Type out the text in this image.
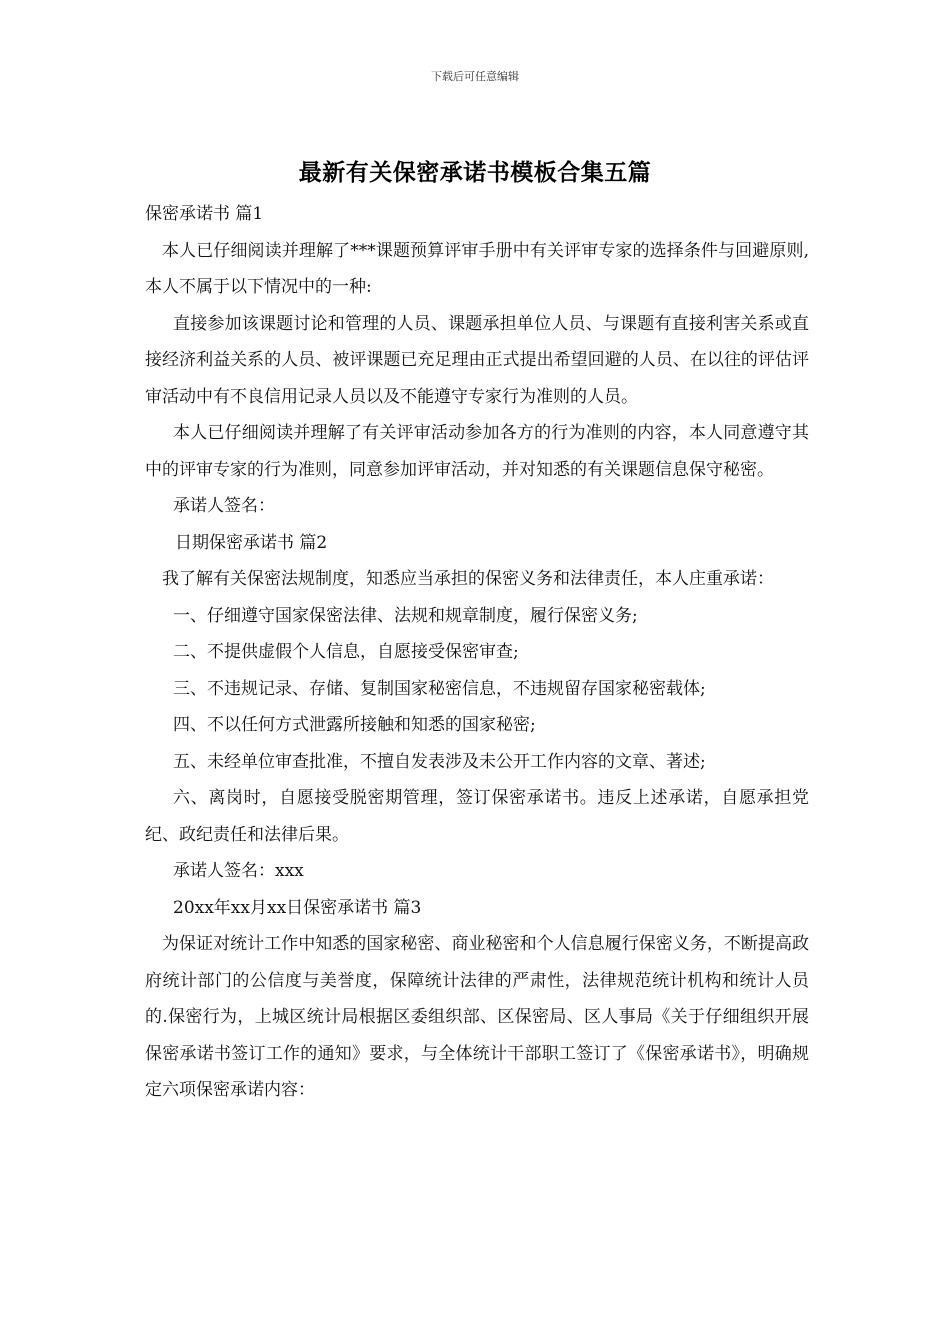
下载后可任意编辑
最新有关保密承诺书模板合集五篇

保密承诺书 篇1

本人已仔细阅读并理解了***课题预算评审手册中有关评审专家的选择条件与回避原则,本人不属于以下情况中的一种:

直接参加该课题讨论和管理的人员、课题承担单位人员、与课题有直接利害关系或直接经济利益关系的人员、被评课题已充足理由正式提出希望回避的人员、在以往的评估评审活动中有不良信用记录人员以及不能遵守专家行为准则的人员。

本人已仔细阅读并理解了有关评审活动参加各方的行为准则的内容，本人同意遵守其中的评审专家的行为准则，同意参加评审活动，并对知悉的有关课题信息保守秘密。

承诺人签名：

日期保密承诺书 篇2

我了解有关保密法规制度，知悉应当承担的保密义务和法律责任，本人庄重承诺：

一、仔细遵守国家保密法律、法规和规章制度，履行保密义务;

二、不提供虚假个人信息，自愿接受保密审查;

三、不违规记录、存储、复制国家秘密信息，不违规留存国家秘密载体;

四、不以任何方式泄露所接触和知悉的国家秘密;

五、未经单位审查批准，不擅自发表涉及未公开工作内容的文章、著述;

六、离岗时，自愿接受脱密期管理，签订保密承诺书。违反上述承诺，自愿承担党纪、政纪责任和法律后果。

承诺人签名：xxx

20xx年xx月xx日保密承诺书 篇3

为保证对统计工作中知悉的国家秘密、商业秘密和个人信息履行保密义务，不断提高政府统计部门的公信度与美誉度，保障统计法律的严肃性，法律规范统计机构和统计人员的.保密行为，上城区统计局根据区委组织部、区保密局、区人事局《关于仔细组织开展保密承诺书签订工作的通知》要求，与全体统计干部职工签订了《保密承诺书》，明确规定六项保密承诺内容：
